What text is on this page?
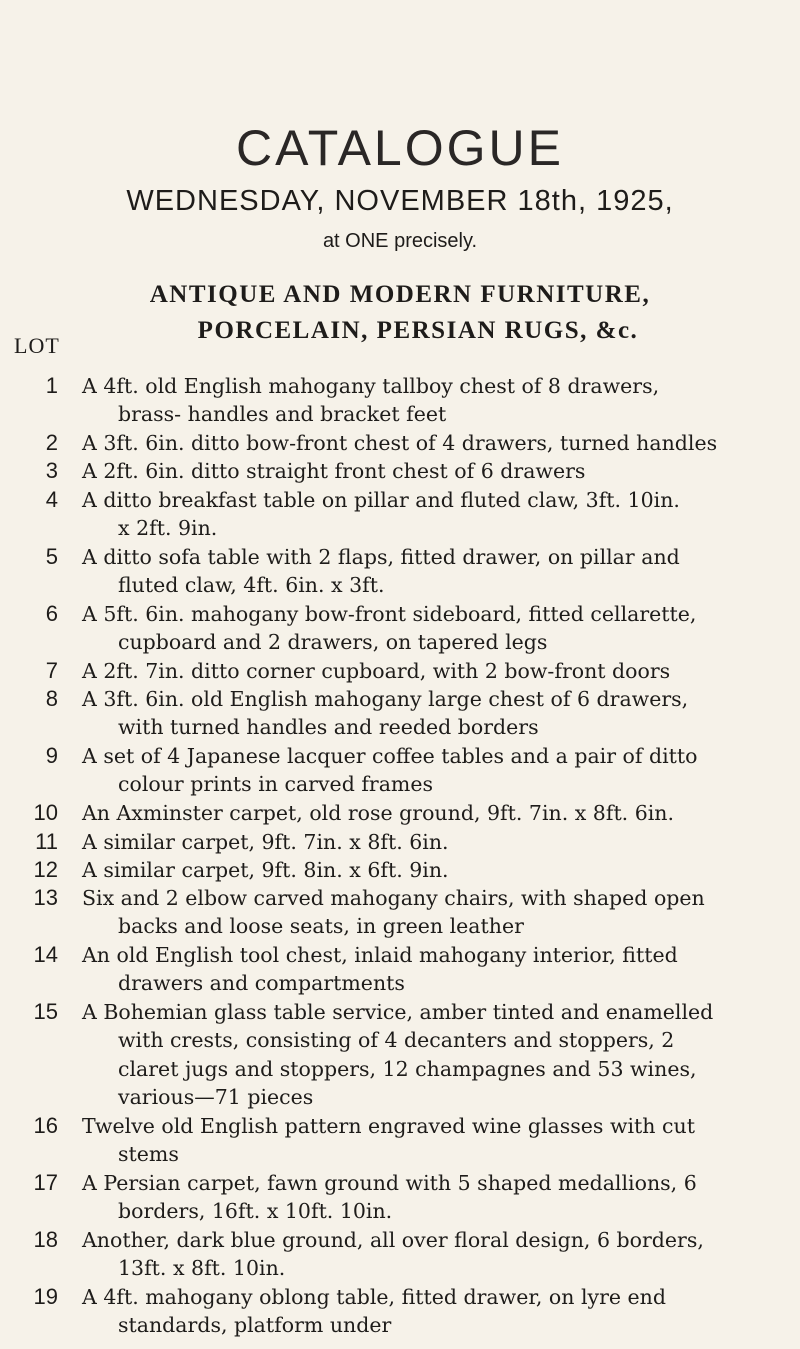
CATALOGUE
WEDNESDAY, NOVEMBER 18th, 1925,
at ONE precisely.
ANTIQUE AND MODERN FURNITURE,
PORCELAIN, PERSIAN RUGS, &c.
LOT
1 A 4ft. old English mahogany tallboy chest of 8 drawers,
brass- handles and bracket feet
2 A 3ft. 6in. ditto bow-front chest of 4 drawers, turned handles
3 A 2ft. 6in. ditto straight front chest of 6 drawers
4 A ditto breakfast table on pillar and fluted claw, 3ft. 10in.
x 2ft. 9in.
5 A ditto sofa table with 2 flaps, fitted drawer, on pillar and
fluted claw, 4ft. 6in. x 3ft.
6 A 5ft. 6in. mahogany bow-front sideboard, fitted cellarette,
cupboard and 2 drawers, on tapered legs
7 A 2ft. 7in. ditto corner cupboard, with 2 bow-front doors
8 A 3ft. 6in. old English mahogany large chest of 6 drawers,
with turned handles and reeded borders
9 A set of 4 Japanese lacquer coffee tables and a pair of ditto
colour prints in carved frames
10 An Axminster carpet, old rose ground, 9ft. 7in. x 8ft. 6in.
11 A similar carpet, 9ft. 7in. x 8ft. 6in.
12 A similar carpet, 9ft. 8in. x 6ft. 9in.
13 Six and 2 elbow carved mahogany chairs, with shaped open
backs and loose seats, in green leather
14 An old English tool chest, inlaid mahogany interior, fitted
drawers and compartments
15 A Bohemian glass table service, amber tinted and enamelled
with crests, consisting of 4 decanters and stoppers, 2
claret jugs and stoppers, 12 champagnes and 53 wines,
various—71 pieces
16 Twelve old English pattern engraved wine glasses with cut
stems
17 A Persian carpet, fawn ground with 5 shaped medallions, 6
borders, 16ft. x 10ft. 10in.
18 Another, dark blue ground, all over floral design, 6 borders,
13ft. x 8ft. 10in.
19 A 4ft. mahogany oblong table, fitted drawer, on lyre end
standards, platform under
